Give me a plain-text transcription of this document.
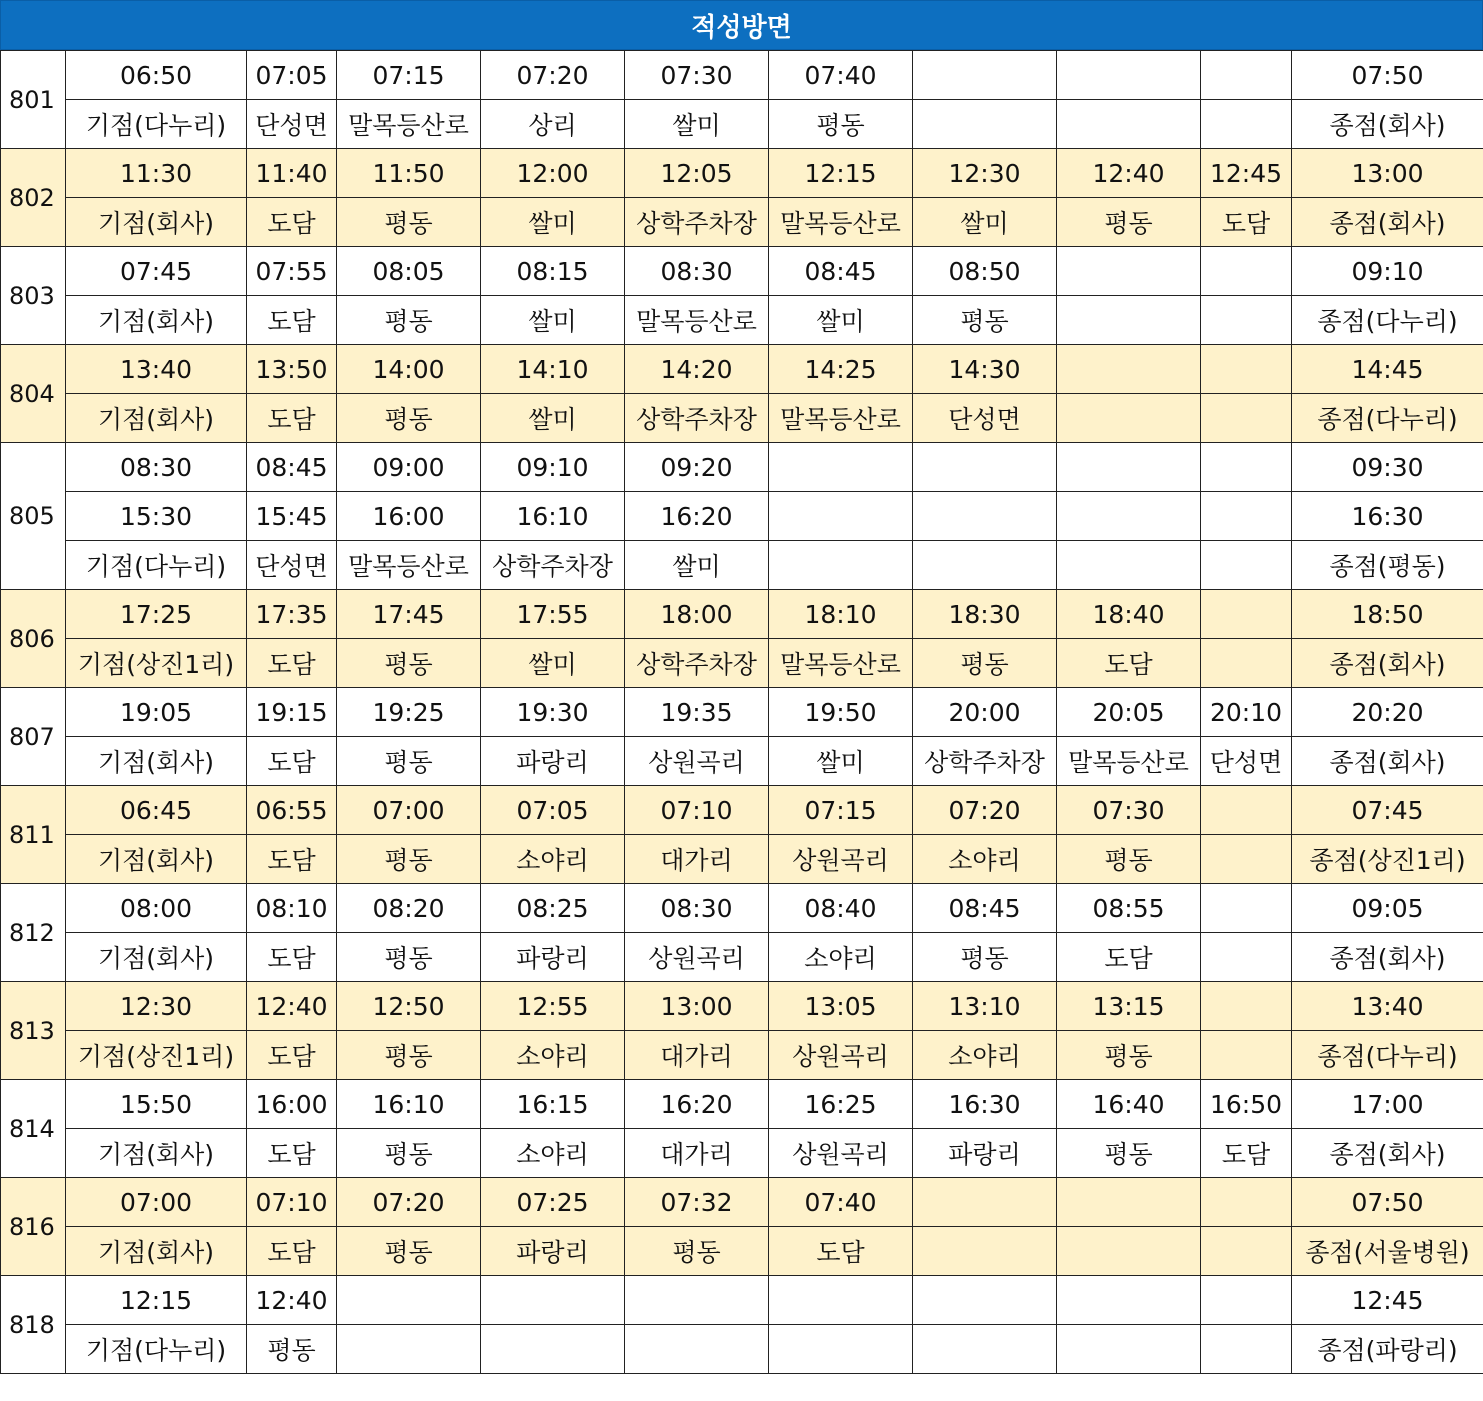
적성방면
801	06:50	07:05	07:15	07:20	07:30	07:40				07:50
	기점(다누리)	단성면	말목등산로	상리	쌀미	평동				종점(회사)
802	11:30	11:40	11:50	12:00	12:05	12:15	12:30	12:40	12:45	13:00
	기점(회사)	도담	평동	쌀미	상학주차장	말목등산로	쌀미	평동	도담	종점(회사)
803	07:45	07:55	08:05	08:15	08:30	08:45	08:50			09:10
	기점(회사)	도담	평동	쌀미	말목등산로	쌀미	평동			종점(다누리)
804	13:40	13:50	14:00	14:10	14:20	14:25	14:30			14:45
	기점(회사)	도담	평동	쌀미	상학주차장	말목등산로	단성면			종점(다누리)
805	08:30	08:45	09:00	09:10	09:20					09:30
	15:30	15:45	16:00	16:10	16:20					16:30
	기점(다누리)	단성면	말목등산로	상학주차장	쌀미					종점(평동)
806	17:25	17:35	17:45	17:55	18:00	18:10	18:30	18:40		18:50
	기점(상진1리)	도담	평동	쌀미	상학주차장	말목등산로	평동	도담		종점(회사)
807	19:05	19:15	19:25	19:30	19:35	19:50	20:00	20:05	20:10	20:20
	기점(회사)	도담	평동	파랑리	상원곡리	쌀미	상학주차장	말목등산로	단성면	종점(회사)
811	06:45	06:55	07:00	07:05	07:10	07:15	07:20	07:30		07:45
	기점(회사)	도담	평동	소야리	대가리	상원곡리	소야리	평동		종점(상진1리)
812	08:00	08:10	08:20	08:25	08:30	08:40	08:45	08:55		09:05
	기점(회사)	도담	평동	파랑리	상원곡리	소야리	평동	도담		종점(회사)
813	12:30	12:40	12:50	12:55	13:00	13:05	13:10	13:15		13:40
	기점(상진1리)	도담	평동	소야리	대가리	상원곡리	소야리	평동		종점(다누리)
814	15:50	16:00	16:10	16:15	16:20	16:25	16:30	16:40	16:50	17:00
	기점(회사)	도담	평동	소야리	대가리	상원곡리	파랑리	평동	도담	종점(회사)
816	07:00	07:10	07:20	07:25	07:32	07:40				07:50
	기점(회사)	도담	평동	파랑리	평동	도담				종점(서울병원)
818	12:15	12:40								12:45
	기점(다누리)	평동								종점(파랑리)
